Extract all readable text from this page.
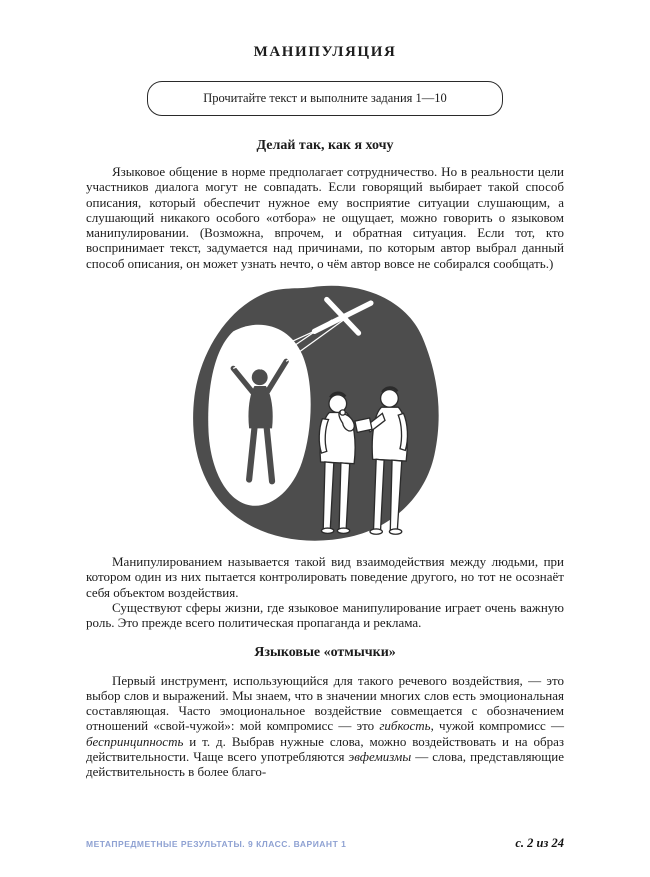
МАНИПУЛЯЦИЯ
Прочитайте текст и выполните задания 1—10
Делай так, как я хочу

Языковое общение в норме предполагает сотрудничество. Но в реальности цели участников диалога могут не совпадать. Если говорящий выбирает такой способ описания, который обеспечит нужное ему восприятие ситуации слушающим, а слушающий никакого особого «отбора» не ощущает, можно говорить о языковом манипулировании. (Возможна, впрочем, и обратная ситуация. Если тот, кто воспринимает текст, задумается над причинами, по которым автор выбрал данный способ описания, он может узнать нечто, о чём автор вовсе не собирался сообщать.)

Манипулированием называется такой вид взаимодействия между людьми, при котором один из них пытается контролировать поведение другого, но тот не осознаёт себя объектом воздействия.

Существуют сферы жизни, где языковое манипулирование играет очень важную роль. Это прежде всего политическая пропаганда и реклама.

Языковые «отмычки»

Первый инструмент, использующийся для такого речевого воздействия, — это выбор слов и выражений. Мы знаем, что в значении многих слов есть эмоциональная составляющая. Часто эмоциональное воздействие совмещается с обозначением отношений «свой-чужой»: мой компромисс — это гибкость, чужой компромисс — беспринципность и т. д. Выбрав нужные слова, можно воздействовать и на образ действительности. Чаще всего употребляются эвфемизмы — слова, представляющие действительность в более благо-

МЕТАПРЕДМЕТНЫЕ РЕЗУЛЬТАТЫ. 9 КЛАСС. ВАРИАНТ 1	с. 2 из 24
